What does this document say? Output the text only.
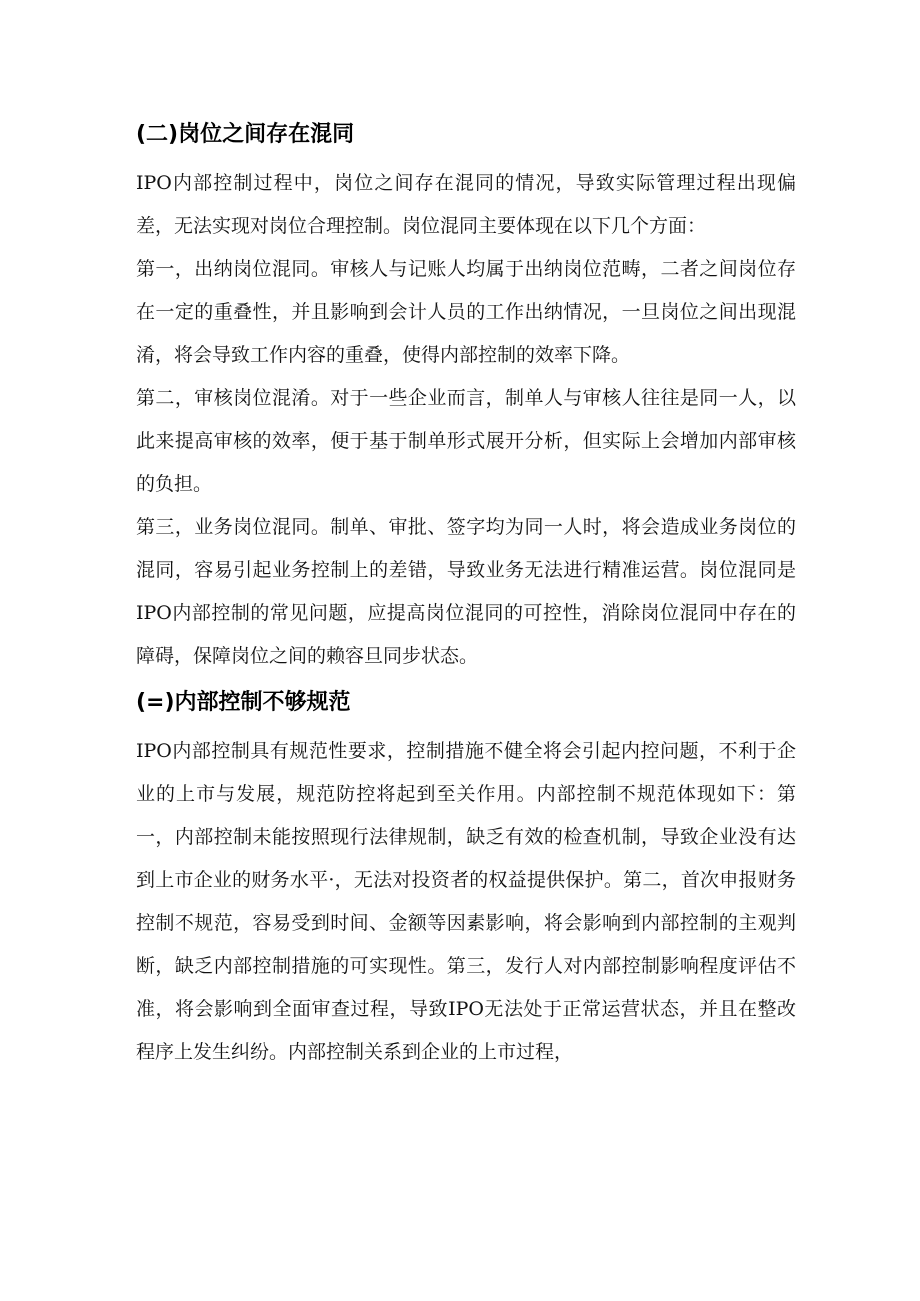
(二)岗位之间存在混同

IPO内部控制过程中，岗位之间存在混同的情况，导致实际管理过程出现偏差，无法实现对岗位合理控制。岗位混同主要体现在以下几个方面：

第一，出纳岗位混同。审核人与记账人均属于出纳岗位范畴，二者之间岗位存在一定的重叠性，并且影响到会计人员的工作出纳情况，一旦岗位之间出现混淆，将会导致工作内容的重叠，使得内部控制的效率下降。

第二，审核岗位混淆。对于一些企业而言，制单人与审核人往往是同一人，以此来提高审核的效率，便于基于制单形式展开分析，但实际上会增加内部审核的负担。

第三，业务岗位混同。制单、审批、签字均为同一人时，将会造成业务岗位的混同，容易引起业务控制上的差错，导致业务无法进行精准运营。岗位混同是IPO内部控制的常见问题，应提高岗位混同的可控性，消除岗位混同中存在的障碍，保障岗位之间的赖容旦同步状态。

(=)内部控制不够规范

IPO内部控制具有规范性要求，控制措施不健全将会引起内控问题，不利于企业的上市与发展，规范防控将起到至关作用。内部控制不规范体现如下：第一，内部控制未能按照现行法律规制，缺乏有效的检查机制，导致企业没有达到上市企业的财务水平·，无法对投资者的权益提供保护。第二，首次申报财务控制不规范，容易受到时间、金额等因素影响，将会影响到内部控制的主观判断，缺乏内部控制措施的可实现性。第三，发行人对内部控制影响程度评估不准，将会影响到全面审查过程，导致IPO无法处于正常运营状态，并且在整改程序上发生纠纷。内部控制关系到企业的上市过程，
